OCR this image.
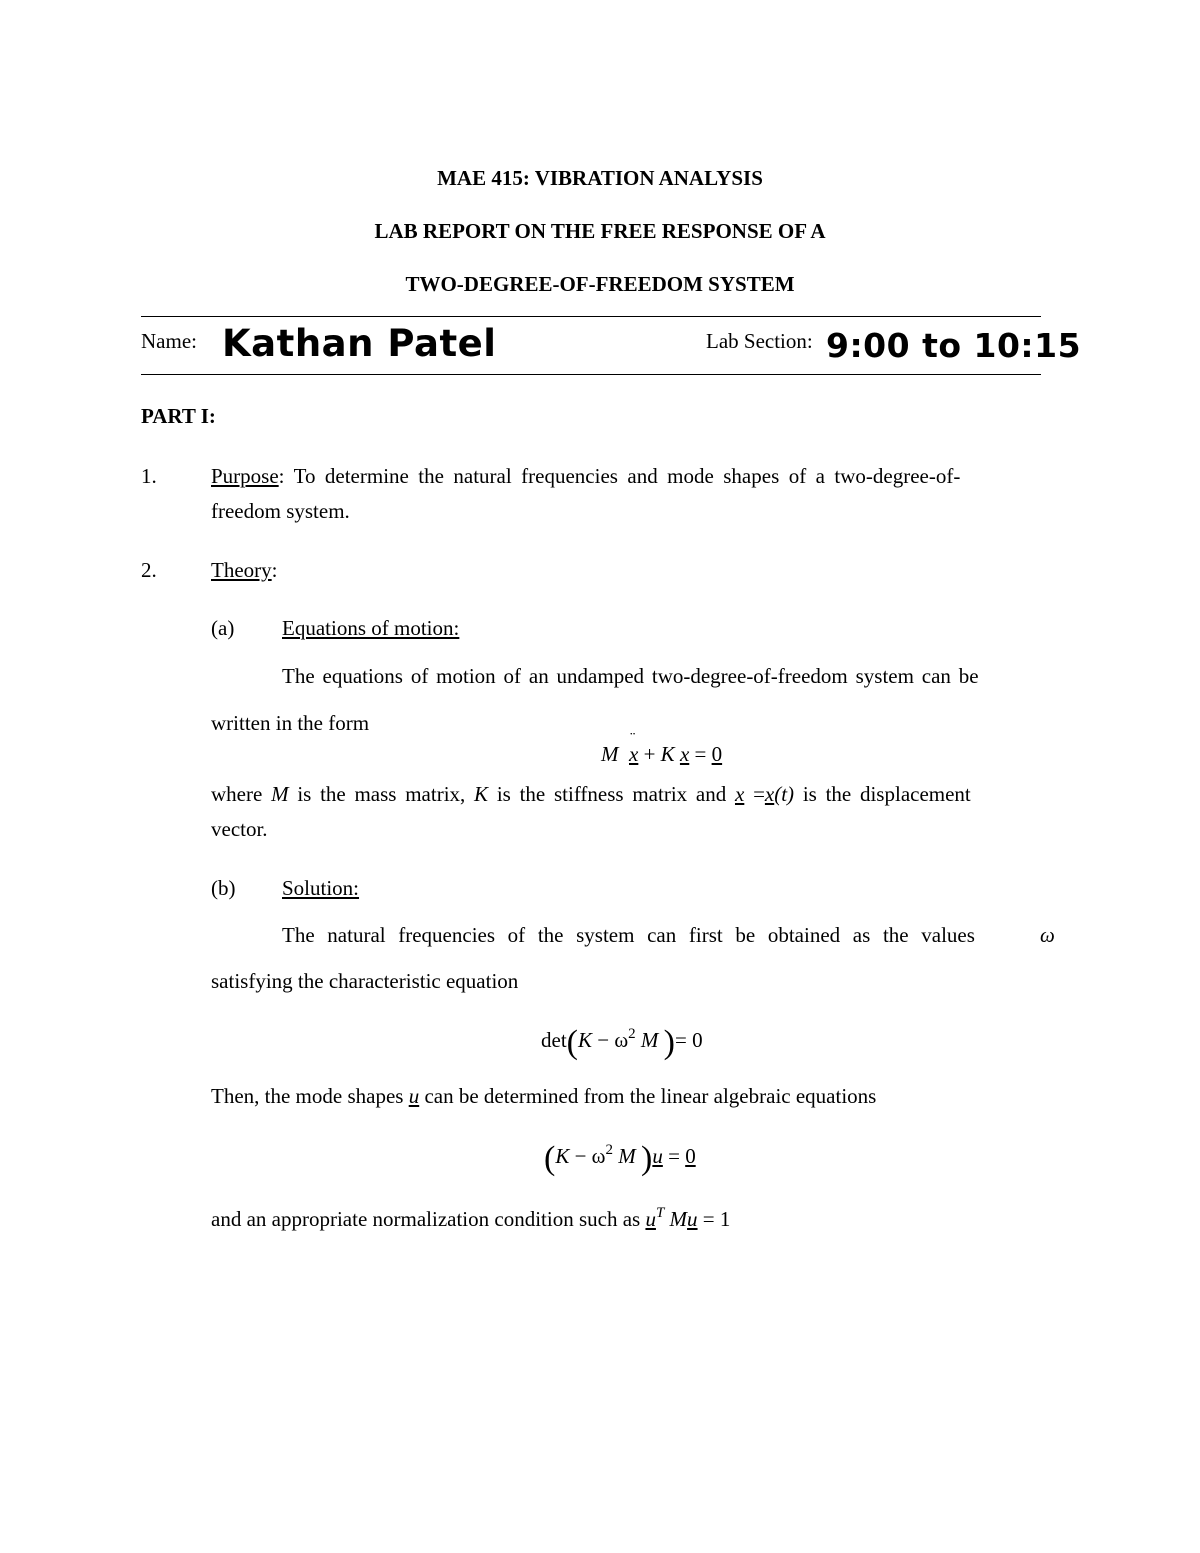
MAE 415: VIBRATION ANALYSIS
LAB REPORT ON THE FREE RESPONSE OF A
TWO-DEGREE-OF-FREEDOM SYSTEM
Name: Kathan Patel	Lab Section: 9:00 to 10:15
PART I:
1.	Purpose: To determine the natural frequencies and mode shapes of a two-degree-of-
freedom system.
2.	Theory:
(a) Equations of motion:
The equations of motion of an undamped two-degree-of-freedom system can be
written in the form
M x
¨
+ K x = 0
where M is the mass matrix, K is the stiffness matrix and x =x(t) is the displacement
vector.
(b) Solution:
The natural frequencies of the system can first be obtained as the values	ω
satisfying the characteristic equation
$\det(K - \omega^2$ M )= 0
Then, the mode shapes u can be determined from the linear algebraic equations
($K - \omega^2$ M )u = 0
and an appropriate normalization condition such as $u^T$ Mu = 1
